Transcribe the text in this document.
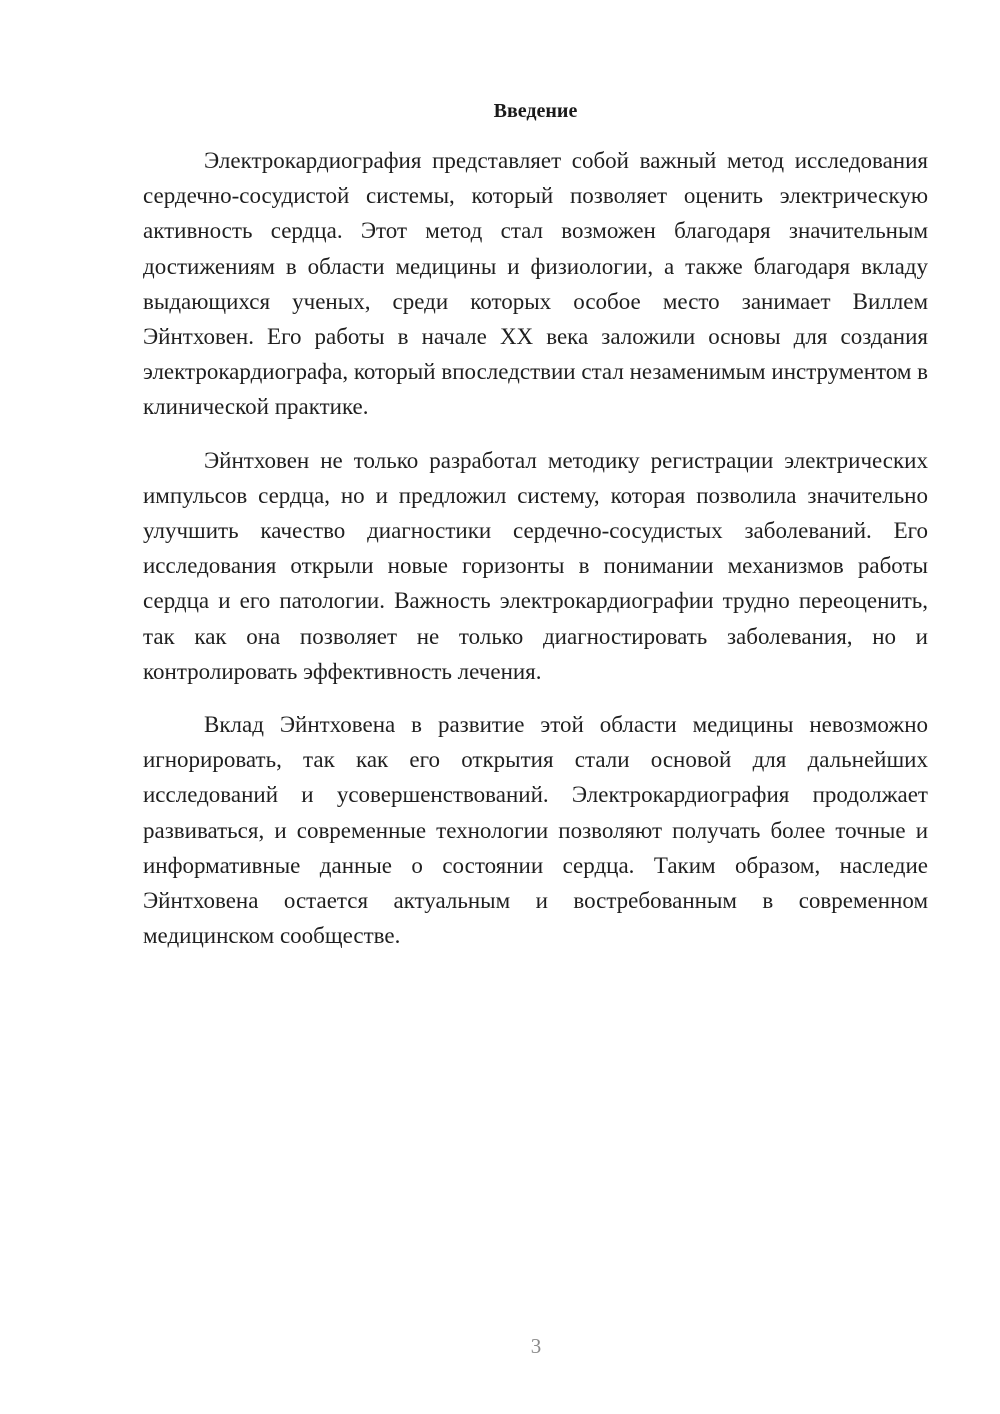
Введение

Электрокардиография представляет собой важный метод исследования сердечно-сосудистой системы, который позволяет оценить электрическую активность сердца. Этот метод стал возможен благодаря значительным достижениям в области медицины и физиологии, а также благодаря вкладу выдающихся ученых, среди которых особое место занимает Виллем Эйнтховен. Его работы в начале XX века заложили основы для создания электрокардиографа, который впоследствии стал незаменимым инструментом в клинической практике.

Эйнтховен не только разработал методику регистрации электрических импульсов сердца, но и предложил систему, которая позволила значительно улучшить качество диагностики сердечно-сосудистых заболеваний. Его исследования открыли новые горизонты в понимании механизмов работы сердца и его патологии. Важность электрокардиографии трудно переоценить, так как она позволяет не только диагностировать заболевания, но и контролировать эффективность лечения.

Вклад Эйнтховена в развитие этой области медицины невозможно игнорировать, так как его открытия стали основой для дальнейших исследований и усовершенствований. Электрокардиография продолжает развиваться, и современные технологии позволяют получать более точные и информативные данные о состоянии сердца. Таким образом, наследие Эйнтховена остается актуальным и востребованным в современном медицинском сообществе.

3
